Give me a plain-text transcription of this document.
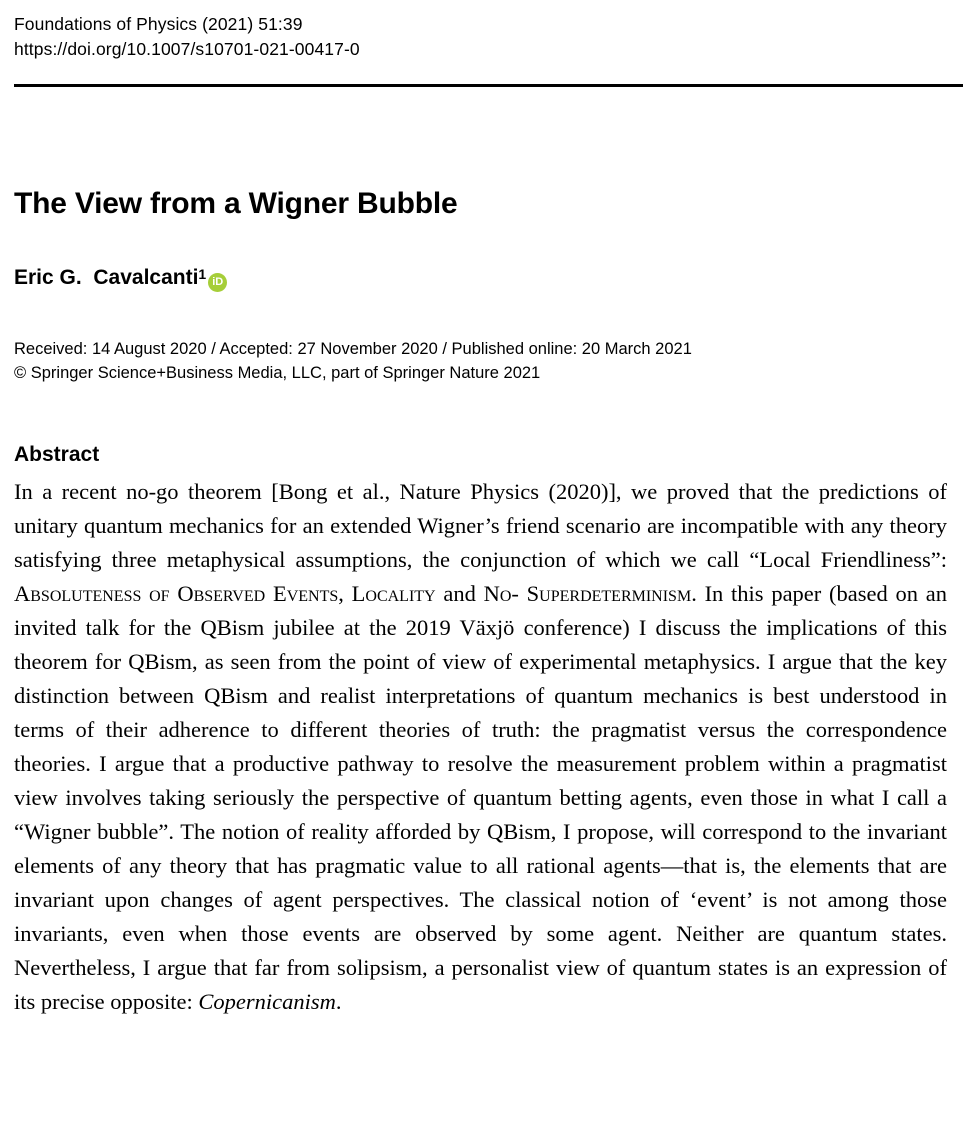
Foundations of Physics (2021) 51:39
https://doi.org/10.1007/s10701-021-00417-0
The View from a Wigner Bubble
Eric G.  Cavalcanti 1
iD
Received: 14 August 2020 / Accepted: 27 November 2020 / Published online: 20 March 2021
© Springer Science+Business Media, LLC, part of Springer Nature 2021
Abstract
In a recent no-go theorem [Bong et al., Nature Physics (2020)], we proved that the predictions of unitary quantum mechanics for an extended Wigner’s friend scenario are incompatible with any theory satisfying three metaphysical assumptions, the conjunction of which we call “Local Friendliness”: Absoluteness of Observed Events, Locality and No- Superdeterminism. In this paper (based on an invited talk for the QBism jubilee at the 2019 Växjö conference) I discuss the implications of this theorem for QBism, as seen from the point of view of experimental metaphysics. I argue that the key distinction between QBism and realist interpretations of quantum mechanics is best understood in terms of their adherence to different theories of truth: the pragmatist versus the correspondence theories. I argue that a productive pathway to resolve the measurement problem within a pragmatist view involves taking seriously the perspective of quantum betting agents, even those in what I call a “Wigner bubble”. The notion of reality afforded by QBism, I propose, will correspond to the invariant elements of any theory that has pragmatic value to all rational agents—that is, the elements that are invariant upon changes of agent perspectives. The classical notion of ‘event’ is not among those invariants, even when those events are observed by some agent. Neither are quantum states. Nevertheless, I argue that far from solipsism, a personalist view of quantum states is an expression of its precise opposite: Copernicanism.
